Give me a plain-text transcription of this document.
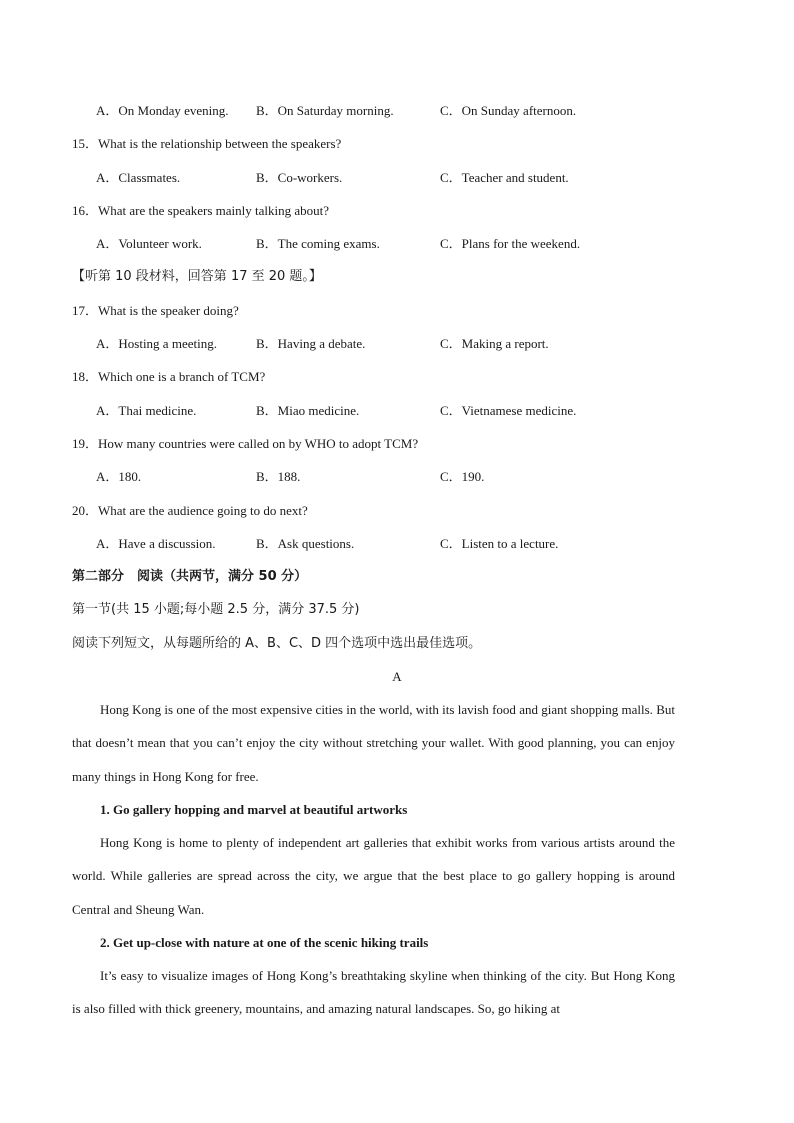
A．On Monday evening. B．On Saturday morning.	C．On Sunday afternoon.
15．What is the relationship between the speakers?
A．Classmates.	B．Co-workers.	C．Teacher and student.
16．What are the speakers mainly talking about?
A．Volunteer work.	B．The coming exams.	C．Plans for the weekend.
【听第 10 段材料，回答第 17 至 20 题。】
17．What is the speaker doing?
A．Hosting a meeting.	B．Having a debate.	C．Making a report.
18．Which one is a branch of TCM?
A．Thai medicine.	B．Miao medicine.	C．Vietnamese medicine.
19．How many countries were called on by WHO to adopt TCM?
A．180.	B．188.	C．190.
20．What are the audience going to do next?
A．Have a discussion.	B．Ask questions.	C．Listen to a lecture.
第二部分　阅读（共两节，满分 50 分）
第一节(共 15 小题;每小题 2.5 分，满分 37.5 分)
阅读下列短文，从每题所给的 A、B、C、D 四个选项中选出最佳选项。
A
Hong Kong is one of the most expensive cities in the world, with its lavish food and giant shopping malls. But that doesn’t mean that you can’t enjoy the city without stretching your wallet. With good planning, you can enjoy many things in Hong Kong for free.
1. Go gallery hopping and marvel at beautiful artworks
Hong Kong is home to plenty of independent art galleries that exhibit works from various artists around the world. While galleries are spread across the city, we argue that the best place to go gallery hopping is around Central and Sheung Wan.
2. Get up-close with nature at one of the scenic hiking trails
It’s easy to visualize images of Hong Kong’s breathtaking skyline when thinking of the city. But Hong Kong is also filled with thick greenery, mountains, and amazing natural landscapes. So, go hiking at
